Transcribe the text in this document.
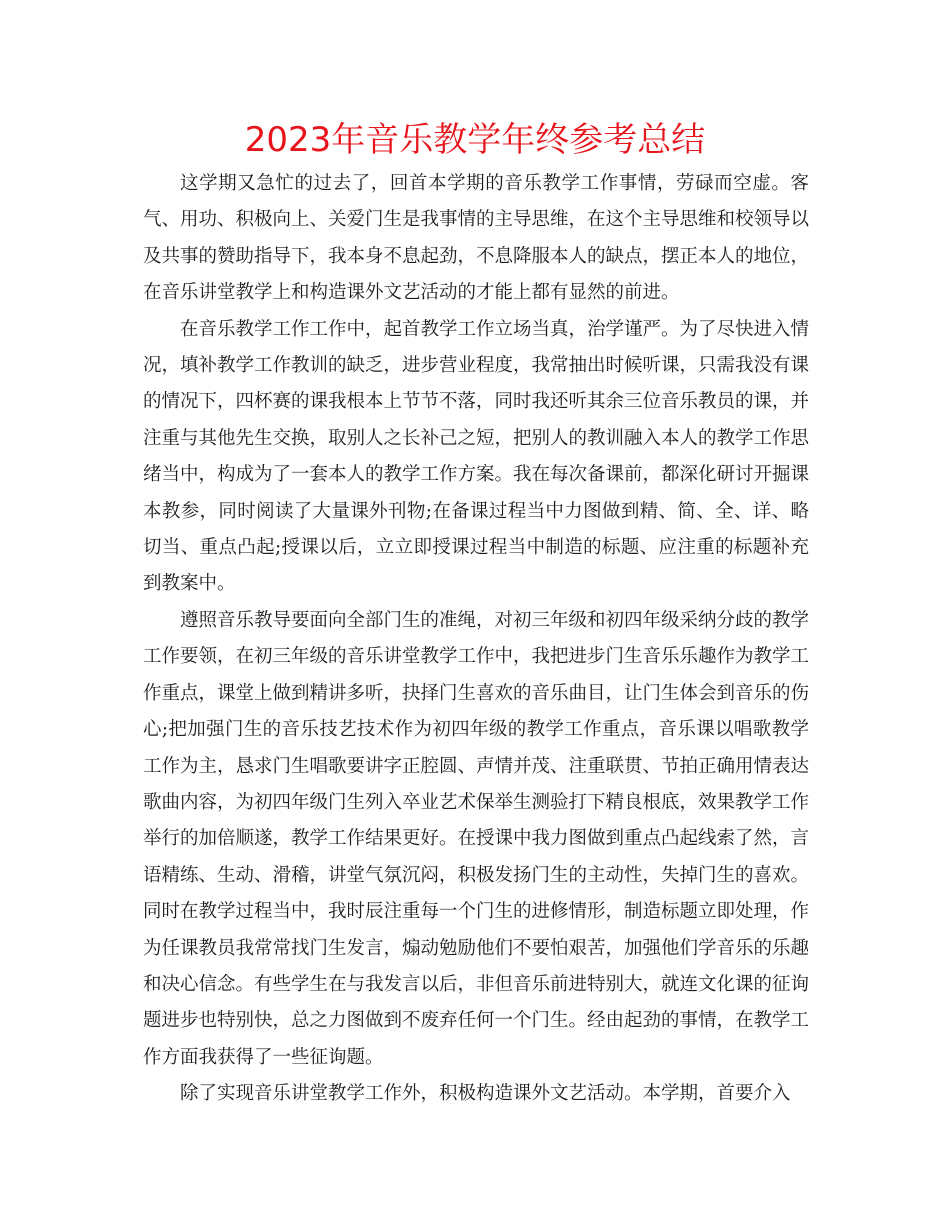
2023年音乐教学年终参考总结

这学期又急忙的过去了，回首本学期的音乐教学工作事情，劳碌而空虚。客气、用功、积极向上、关爱门生是我事情的主导思维，在这个主导思维和校领导以及共事的赞助指导下，我本身不息起劲，不息降服本人的缺点，摆正本人的地位，在音乐讲堂教学上和构造课外文艺活动的才能上都有显然的前进。

在音乐教学工作工作中，起首教学工作立场当真，治学谨严。为了尽快进入情况，填补教学工作教训的缺乏，进步营业程度，我常抽出时候听课，只需我没有课的情况下，四杯赛的课我根本上节节不落，同时我还听其余三位音乐教员的课，并注重与其他先生交换，取别人之长补己之短，把别人的教训融入本人的教学工作思绪当中，构成为了一套本人的教学工作方案。我在每次备课前，都深化研讨开掘课本教参，同时阅读了大量课外刊物;在备课过程当中力图做到精、简、全、详、略切当、重点凸起;授课以后，立立即授课过程当中制造的标题、应注重的标题补充到教案中。

遵照音乐教导要面向全部门生的准绳，对初三年级和初四年级采纳分歧的教学工作要领，在初三年级的音乐讲堂教学工作中，我把进步门生音乐乐趣作为教学工作重点，课堂上做到精讲多听，抉择门生喜欢的音乐曲目，让门生体会到音乐的伤心;把加强门生的音乐技艺技术作为初四年级的教学工作重点，音乐课以唱歌教学工作为主，恳求门生唱歌要讲字正腔圆、声情并茂、注重联贯、节拍正确用情表达歌曲内容，为初四年级门生列入卒业艺术保举生测验打下精良根底，效果教学工作举行的加倍顺遂，教学工作结果更好。在授课中我力图做到重点凸起线索了然，言语精练、生动、滑稽，讲堂气氛沉闷，积极发扬门生的主动性，失掉门生的喜欢。同时在教学过程当中，我时辰注重每一个门生的进修情形，制造标题立即处理，作为任课教员我常常找门生发言，煽动勉励他们不要怕艰苦，加强他们学音乐的乐趣和决心信念。有些学生在与我发言以后，非但音乐前进特别大，就连文化课的征询题进步也特别快，总之力图做到不废弃任何一个门生。经由起劲的事情，在教学工作方面我获得了一些征询题。

除了实现音乐讲堂教学工作外，积极构造课外文艺活动。本学期，首要介入
